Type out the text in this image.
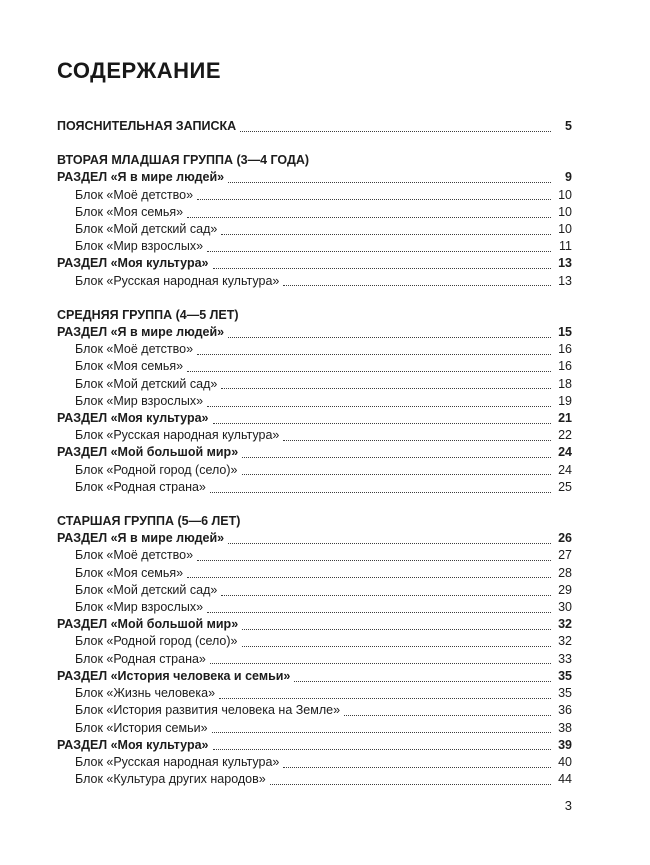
СОДЕРЖАНИЕ
ПОЯСНИТЕЛЬНАЯ ЗАПИСКА	5
ВТОРАЯ МЛАДШАЯ ГРУППА (3—4 ГОДА)
РАЗДЕЛ «Я в мире людей»	9
Блок «Моё детство»	10
Блок «Моя семья»	10
Блок «Мой детский сад»	10
Блок «Мир взрослых»	11
РАЗДЕЛ «Моя культура»	13
Блок «Русская народная культура»	13
СРЕДНЯЯ ГРУППА (4—5 ЛЕТ)
РАЗДЕЛ «Я в мире людей»	15
Блок «Моё детство»	16
Блок «Моя семья»	16
Блок «Мой детский сад»	18
Блок «Мир взрослых»	19
РАЗДЕЛ «Моя культура»	21
Блок «Русская народная культура»	22
РАЗДЕЛ «Мой большой мир»	24
Блок «Родной город (село)»	24
Блок «Родная страна»	25
СТАРШАЯ ГРУППА (5—6 ЛЕТ)
РАЗДЕЛ «Я в мире людей»	26
Блок «Моё детство»	27
Блок «Моя семья»	28
Блок «Мой детский сад»	29
Блок «Мир взрослых»	30
РАЗДЕЛ «Мой большой мир»	32
Блок «Родной город (село)»	32
Блок «Родная страна»	33
РАЗДЕЛ «История человека и семьи»	35
Блок «Жизнь человека»	35
Блок «История развития человека на Земле»	36
Блок «История семьи»	38
РАЗДЕЛ «Моя культура»	39
Блок «Русская народная культура»	40
Блок «Культура других народов»	44
3
